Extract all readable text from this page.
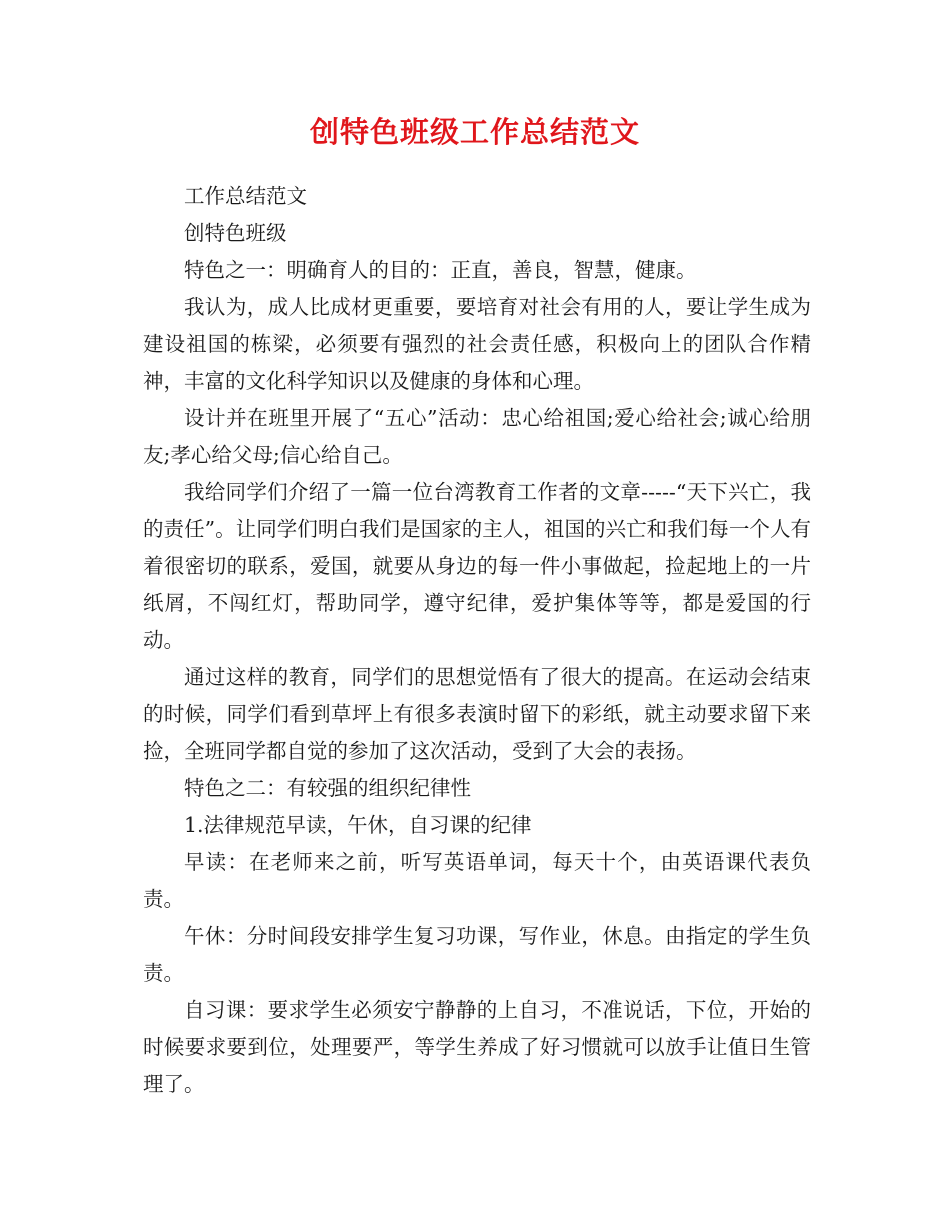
创特色班级工作总结范文

工作总结范文

创特色班级

特色之一：明确育人的目的：正直，善良，智慧，健康。

我认为，成人比成材更重要，要培育对社会有用的人，要让学生成为建设祖国的栋梁，必须要有强烈的社会责任感，积极向上的团队合作精神，丰富的文化科学知识以及健康的身体和心理。

设计并在班里开展了“五心”活动：忠心给祖国;爱心给社会;诚心给朋友;孝心给父母;信心给自己。

我给同学们介绍了一篇一位台湾教育工作者的文章-----“天下兴亡，我的责任”。让同学们明白我们是国家的主人，祖国的兴亡和我们每一个人有着很密切的联系，爱国，就要从身边的每一件小事做起，捡起地上的一片纸屑，不闯红灯，帮助同学，遵守纪律，爱护集体等等，都是爱国的行动。

通过这样的教育，同学们的思想觉悟有了很大的提高。在运动会结束的时候，同学们看到草坪上有很多表演时留下的彩纸，就主动要求留下来捡，全班同学都自觉的参加了这次活动，受到了大会的表扬。

特色之二：有较强的组织纪律性

1.法律规范早读，午休，自习课的纪律

早读：在老师来之前，听写英语单词，每天十个，由英语课代表负责。

午休：分时间段安排学生复习功课，写作业，休息。由指定的学生负责。

自习课：要求学生必须安宁静静的上自习，不准说话，下位，开始的时候要求要到位，处理要严，等学生养成了好习惯就可以放手让值日生管理了。
